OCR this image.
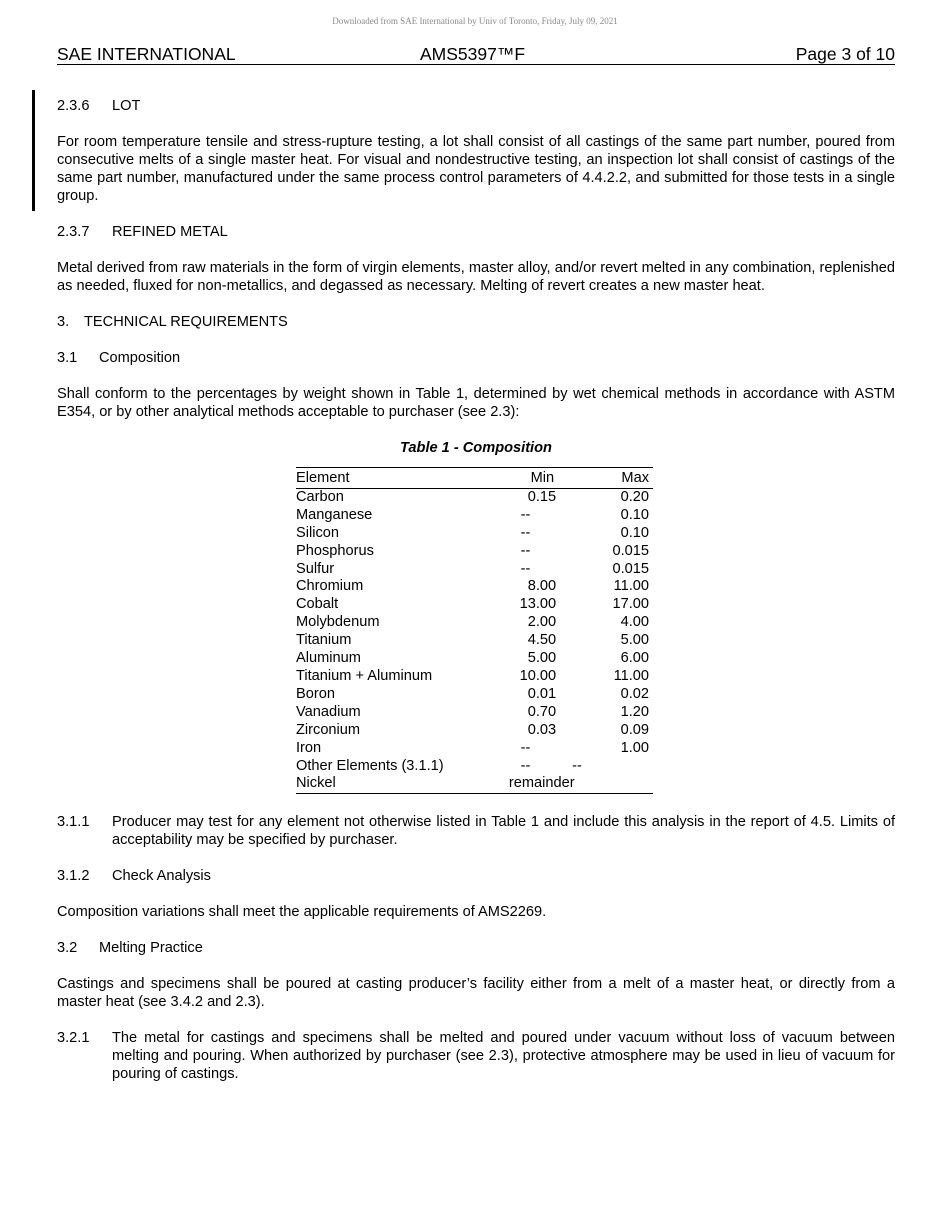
Downloaded from SAE International by Univ of Toronto, Friday, July 09, 2021
SAE INTERNATIONAL	AMS5397™F	Page 3 of 10

2.3.6 LOT

For room temperature tensile and stress-rupture testing, a lot shall consist of all castings of the same part number, poured from consecutive melts of a single master heat. For visual and nondestructive testing, an inspection lot shall consist of castings of the same part number, manufactured under the same process control parameters of 4.4.2.2, and submitted for those tests in a single group.

2.3.7 REFINED METAL

Metal derived from raw materials in the form of virgin elements, master alloy, and/or revert melted in any combination, replenished as needed, fluxed for non-metallics, and degassed as necessary. Melting of revert creates a new master heat.

3. TECHNICAL REQUIREMENTS

3.1 Composition

Shall conform to the percentages by weight shown in Table 1, determined by wet chemical methods in accordance with ASTM E354, or by other analytical methods acceptable to purchaser (see 2.3):

Table 1 - Composition

Element	Min	Max
Carbon	0.15	0.20
Manganese	--	0.10
Silicon	--	0.10
Phosphorus	--	0.015
Sulfur	--	0.015
Chromium	8.00	11.00
Cobalt	13.00	17.00
Molybdenum	2.00	4.00
Titanium	4.50	5.00
Aluminum	5.00	6.00
Titanium + Aluminum	10.00	11.00
Boron	0.01	0.02
Vanadium	0.70	1.20
Zirconium	0.03	0.09
Iron	--	1.00
Other Elements (3.1.1)	--	--
Nickel	remainder	
3.1.1	Producer may test for any element not otherwise listed in Table 1 and include this analysis in the report of 4.5. Limits of acceptability may be specified by purchaser.

3.1.2 Check Analysis

Composition variations shall meet the applicable requirements of AMS2269.

3.2 Melting Practice

Castings and specimens shall be poured at casting producer’s facility either from a melt of a master heat, or directly from a master heat (see 3.4.2 and 2.3).

3.2.1	The metal for castings and specimens shall be melted and poured under vacuum without loss of vacuum between melting and pouring. When authorized by purchaser (see 2.3), protective atmosphere may be used in lieu of vacuum for pouring of castings.
